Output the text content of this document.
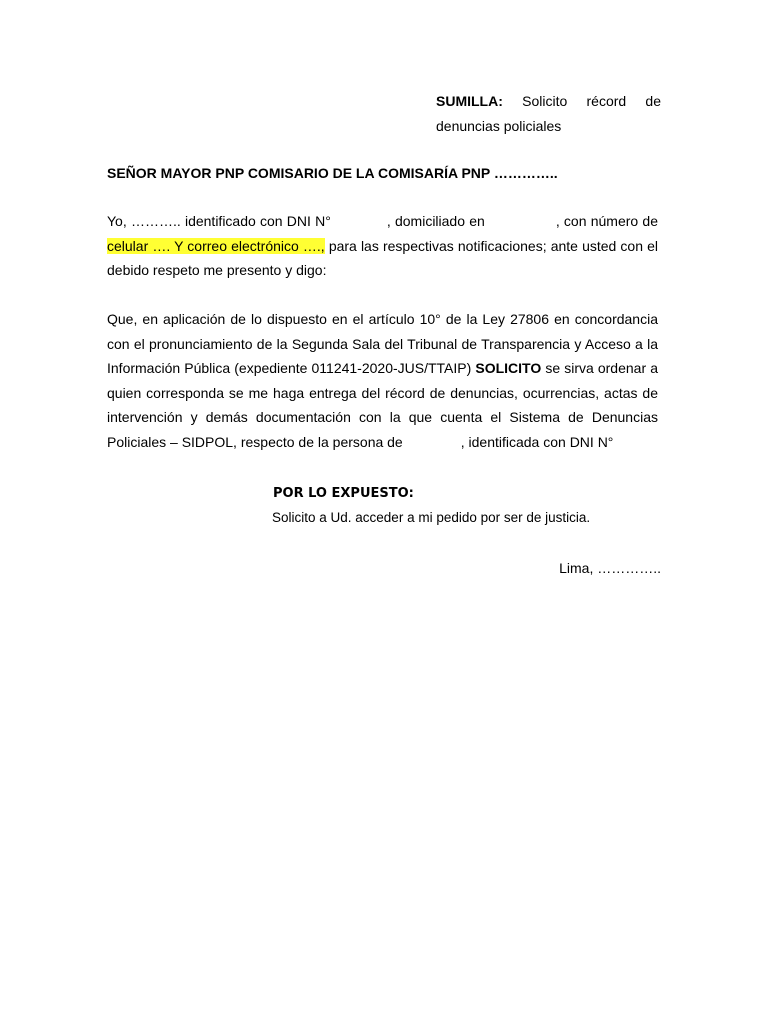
SUMILLA: Solicito récord de
denuncias policiales
SEÑOR MAYOR PNP COMISARIO DE LA COMISARÍA PNP …………..
Yo, ……….. identificado con DNI N°	, domiciliado en	, con número de
celular …. Y correo electrónico …., para las respectivas notificaciones; ante usted con el
debido respeto me presento y digo:
Que, en aplicación de lo dispuesto en el artículo 10° de la Ley 27806 en concordancia
con el pronunciamiento de la Segunda Sala del Tribunal de Transparencia y Acceso a la
Información Pública (expediente 011241-2020-JUS/TTAIP) SOLICITO se sirva ordenar a
quien corresponda se me haga entrega del récord de denuncias, ocurrencias, actas de
intervención y demás documentación con la que cuenta el Sistema de Denuncias
Policiales – SIDPOL, respecto de la persona de	, identificada con DNI N°
POR LO EXPUESTO:
Solicito a Ud. acceder a mi pedido por ser de justicia.
Lima, …………..
